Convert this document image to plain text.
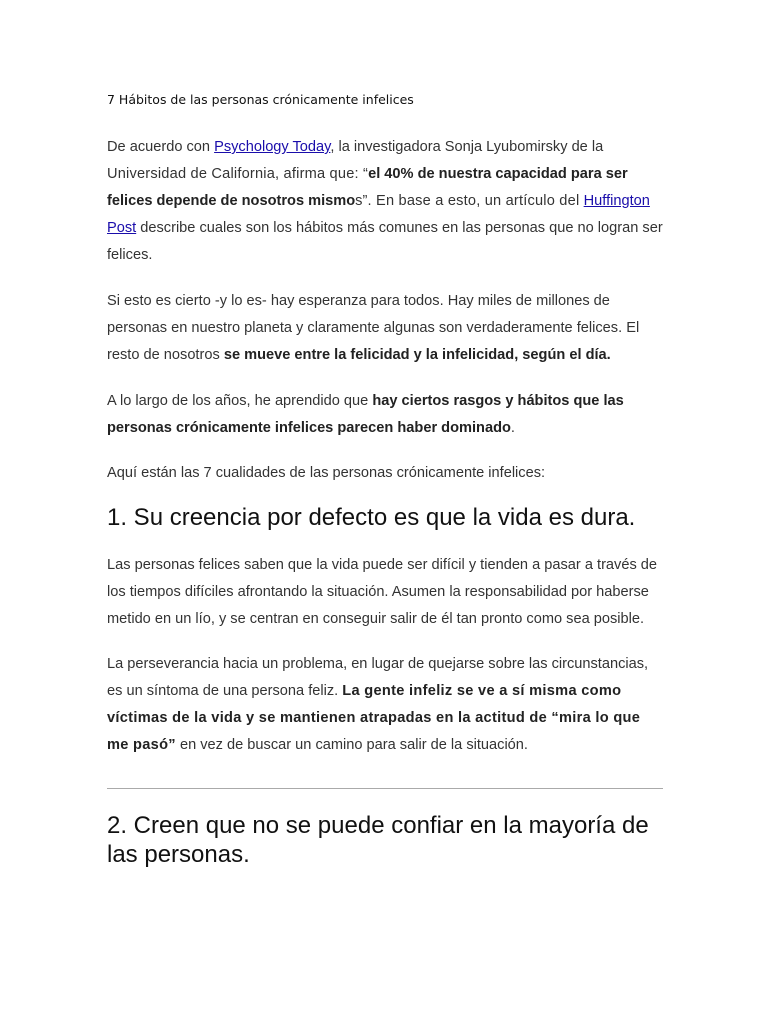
7 Hábitos de las personas crónicamente infelices

De acuerdo con Psychology Today, la investigadora Sonja Lyubomirsky de la Universidad de California, afirma que: “el 40% de nuestra capacidad para ser felices depende de nosotros mismos”. En base a esto, un artículo del Huffington Post describe cuales son los hábitos más comunes en las personas que no logran ser felices.

Si esto es cierto -y lo es- hay esperanza para todos. Hay miles de millones de personas en nuestro planeta y claramente algunas son verdaderamente felices. El resto de nosotros se mueve entre la felicidad y la infelicidad, según el día.

A lo largo de los años, he aprendido que hay ciertos rasgos y hábitos que las personas crónicamente infelices parecen haber dominado.

Aquí están las 7 cualidades de las personas crónicamente infelices:

1. Su creencia por defecto es que la vida es dura.

Las personas felices saben que la vida puede ser difícil y tienden a pasar a través de los tiempos difíciles afrontando la situación. Asumen la responsabilidad por haberse metido en un lío, y se centran en conseguir salir de él tan pronto como sea posible.

La perseverancia hacia un problema, en lugar de quejarse sobre las circunstancias, es un síntoma de una persona feliz. La gente infeliz se ve a sí misma como víctimas de la vida y se mantienen atrapadas en la actitud de “mira lo que me pasó” en vez de buscar un camino para salir de la situación.

2. Creen que no se puede confiar en la mayoría de las personas.
